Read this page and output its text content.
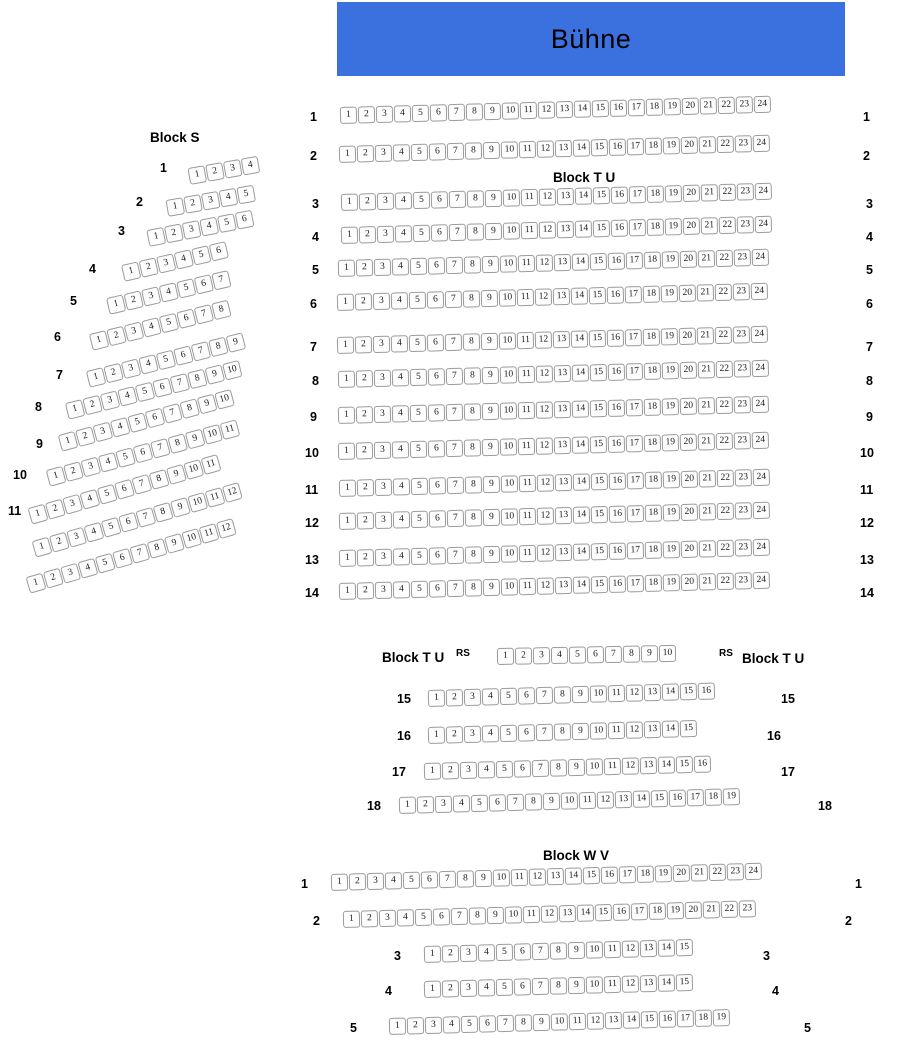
Bühne
Block S
1 2 3 4
1
1 2 3 4 5
2
1 2 3 4 5 6
3
1 2 3 4 5 6
4
1 2 3 4 5 6 7
5
1 2 3 4 5 6 7 8
6
1 2 3 4 5 6 7 8 9
7
1 2 3 4 5 6 7 8 9 10
8
1 2 3 4 5 6 7 8 9 10
9
1 2 3 4 5 6 7 8 9 10 11
10
1 2 3 4 5 6 7 8 9 10 11
11
1 2 3 4 5 6 7 8 9 10 11 12
1 2 3 4 5 6 7 8 9 10 11 12
Block T U
1 2 3 4 5 6 7 8 9 10 11 12 13 14 15 16 17 18 19 20 21 22 23 24
1	1
1 2 3 4 5 6 7 8 9 10 11 12 13 14 15 16 17 18 19 20 21 22 23 24
2	2
1 2 3 4 5 6 7 8 9 10 11 12 13 14 15 16 17 18 19 20 21 22 23 24
3	3
1 2 3 4 5 6 7 8 9 10 11 12 13 14 15 16 17 18 19 20 21 22 23 24
4	4
1 2 3 4 5 6 7 8 9 10 11 12 13 14 15 16 17 18 19 20 21 22 23 24
5	5
1 2 3 4 5 6 7 8 9 10 11 12 13 14 15 16 17 18 19 20 21 22 23 24
6	6
1 2 3 4 5 6 7 8 9 10 11 12 13 14 15 16 17 18 19 20 21 22 23 24
7	7
1 2 3 4 5 6 7 8 9 10 11 12 13 14 15 16 17 18 19 20 21 22 23 24
8	8
1 2 3 4 5 6 7 8 9 10 11 12 13 14 15 16 17 18 19 20 21 22 23 24
9	9
1 2 3 4 5 6 7 8 9 10 11 12 13 14 15 16 17 18 19 20 21 22 23 24
10	10
1 2 3 4 5 6 7 8 9 10 11 12 13 14 15 16 17 18 19 20 21 22 23 24
11	11
1 2 3 4 5 6 7 8 9 10 11 12 13 14 15 16 17 18 19 20 21 22 23 24
12	12
1 2 3 4 5 6 7 8 9 10 11 12 13 14 15 16 17 18 19 20 21 22 23 24
13	13
1 2 3 4 5 6 7 8 9 10 11 12 13 14 15 16 17 18 19 20 21 22 23 24
14	14
Block T U	Block T U
RS	RS
1 2 3 4 5 6 7 8 9 10
1 2 3 4 5 6 7 8 9 10 11 12 13 14 15 16
15	15
1 2 3 4 5 6 7 8 9 10 11 12 13 14 15
16	16
1 2 3 4 5 6 7 8 9 10 11 12 13 14 15 16
17	17
1 2 3 4 5 6 7 8 9 10 11 12 13 14 15 16 17 18 19
18	18
Block W V
1 2 3 4 5 6 7 8 9 10 11 12 13 14 15 16 17 18 19 20 21 22 23 24
1	1
1 2 3 4 5 6 7 8 9 10 11 12 13 14 15 16 17 18 19 20 21 22 23
2	2
1 2 3 4 5 6 7 8 9 10 11 12 13 14 15
3	3
1 2 3 4 5 6 7 8 9 10 11 12 13 14 15
4	4
1 2 3 4 5 6 7 8 9 10 11 12 13 14 15 16 17 18 19
5	5
